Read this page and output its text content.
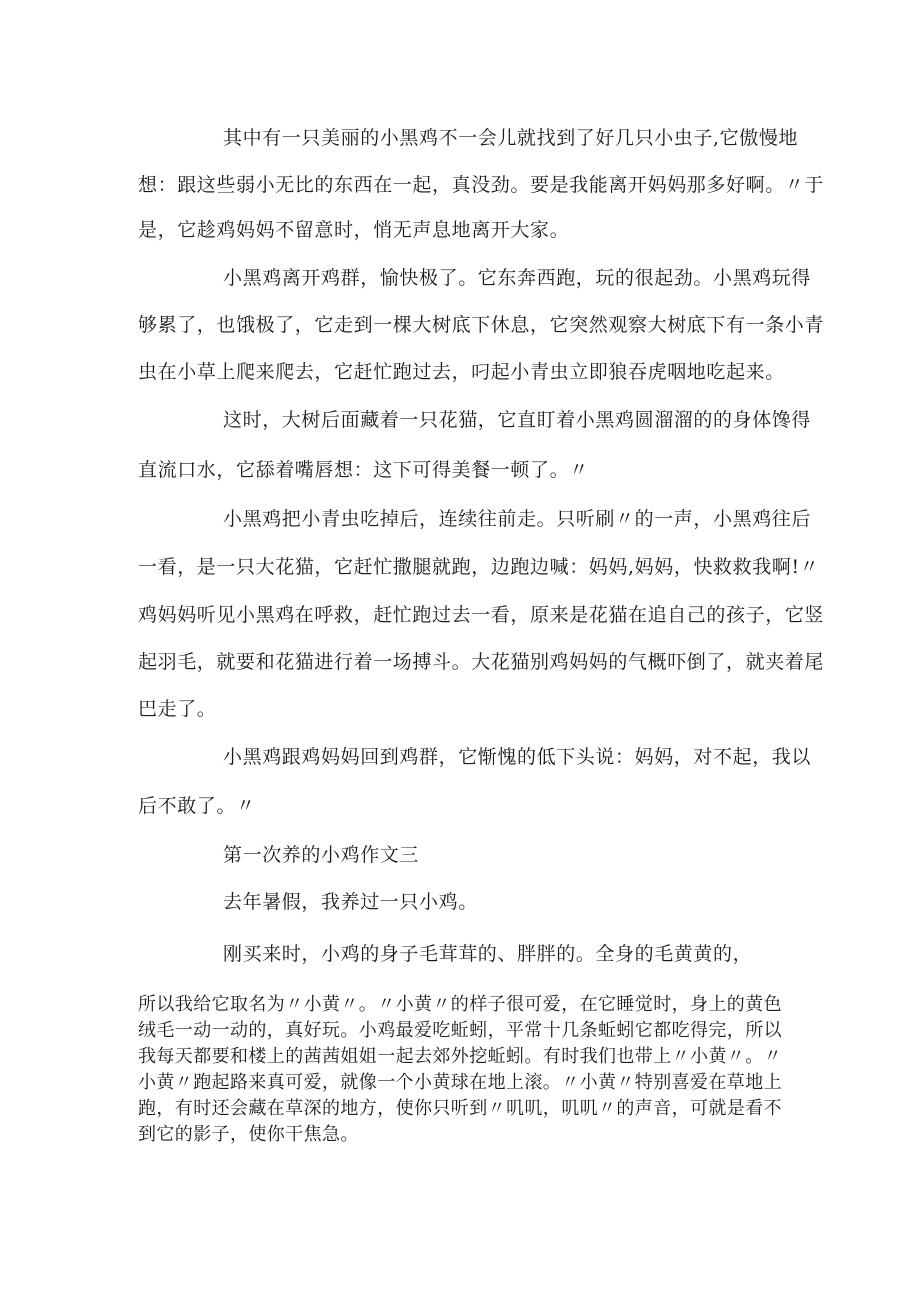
其中有一只美丽的小黑鸡不一会儿就找到了好几只小虫子,它傲慢地
想：跟这些弱小无比的东西在一起，真没劲。要是我能离开妈妈那多好啊。〃于
是，它趁鸡妈妈不留意时，悄无声息地离开大家。
小黑鸡离开鸡群，愉快极了。它东奔西跑，玩的很起劲。小黑鸡玩得
够累了，也饿极了，它走到一棵大树底下休息，它突然观察大树底下有一条小青
虫在小草上爬来爬去，它赶忙跑过去，叼起小青虫立即狼吞虎咽地吃起来。
这时，大树后面藏着一只花猫，它直盯着小黑鸡圆溜溜的的身体馋得
直流口水，它舔着嘴唇想：这下可得美餐一顿了。〃
小黑鸡把小青虫吃掉后，连续往前走。只听刷〃的一声，小黑鸡往后
一看，是一只大花猫，它赶忙撒腿就跑，边跑边喊：妈妈,妈妈，快救救我啊!〃
鸡妈妈听见小黑鸡在呼救，赶忙跑过去一看，原来是花猫在追自己的孩子，它竖
起羽毛，就要和花猫进行着一场搏斗。大花猫别鸡妈妈的气概吓倒了，就夹着尾
巴走了。
小黑鸡跟鸡妈妈回到鸡群，它惭愧的低下头说：妈妈，对不起，我以
后不敢了。〃
第一次养的小鸡作文三
去年暑假，我养过一只小鸡。
刚买来时，小鸡的身子毛茸茸的、胖胖的。全身的毛黄黄的，
所以我给它取名为〃小黄〃。〃小黄〃的样子很可爱，在它睡觉时，身上的黄色
绒毛一动一动的，真好玩。小鸡最爱吃蚯蚓，平常十几条蚯蚓它都吃得完，所以
我每天都要和楼上的茜茜姐姐一起去郊外挖蚯蚓。有时我们也带上〃小黄〃。〃
小黄〃跑起路来真可爱，就像一个小黄球在地上滚。〃小黄〃特别喜爱在草地上
跑，有时还会藏在草深的地方，使你只听到〃叽叽，叽叽〃的声音，可就是看不
到它的影子，使你干焦急。
